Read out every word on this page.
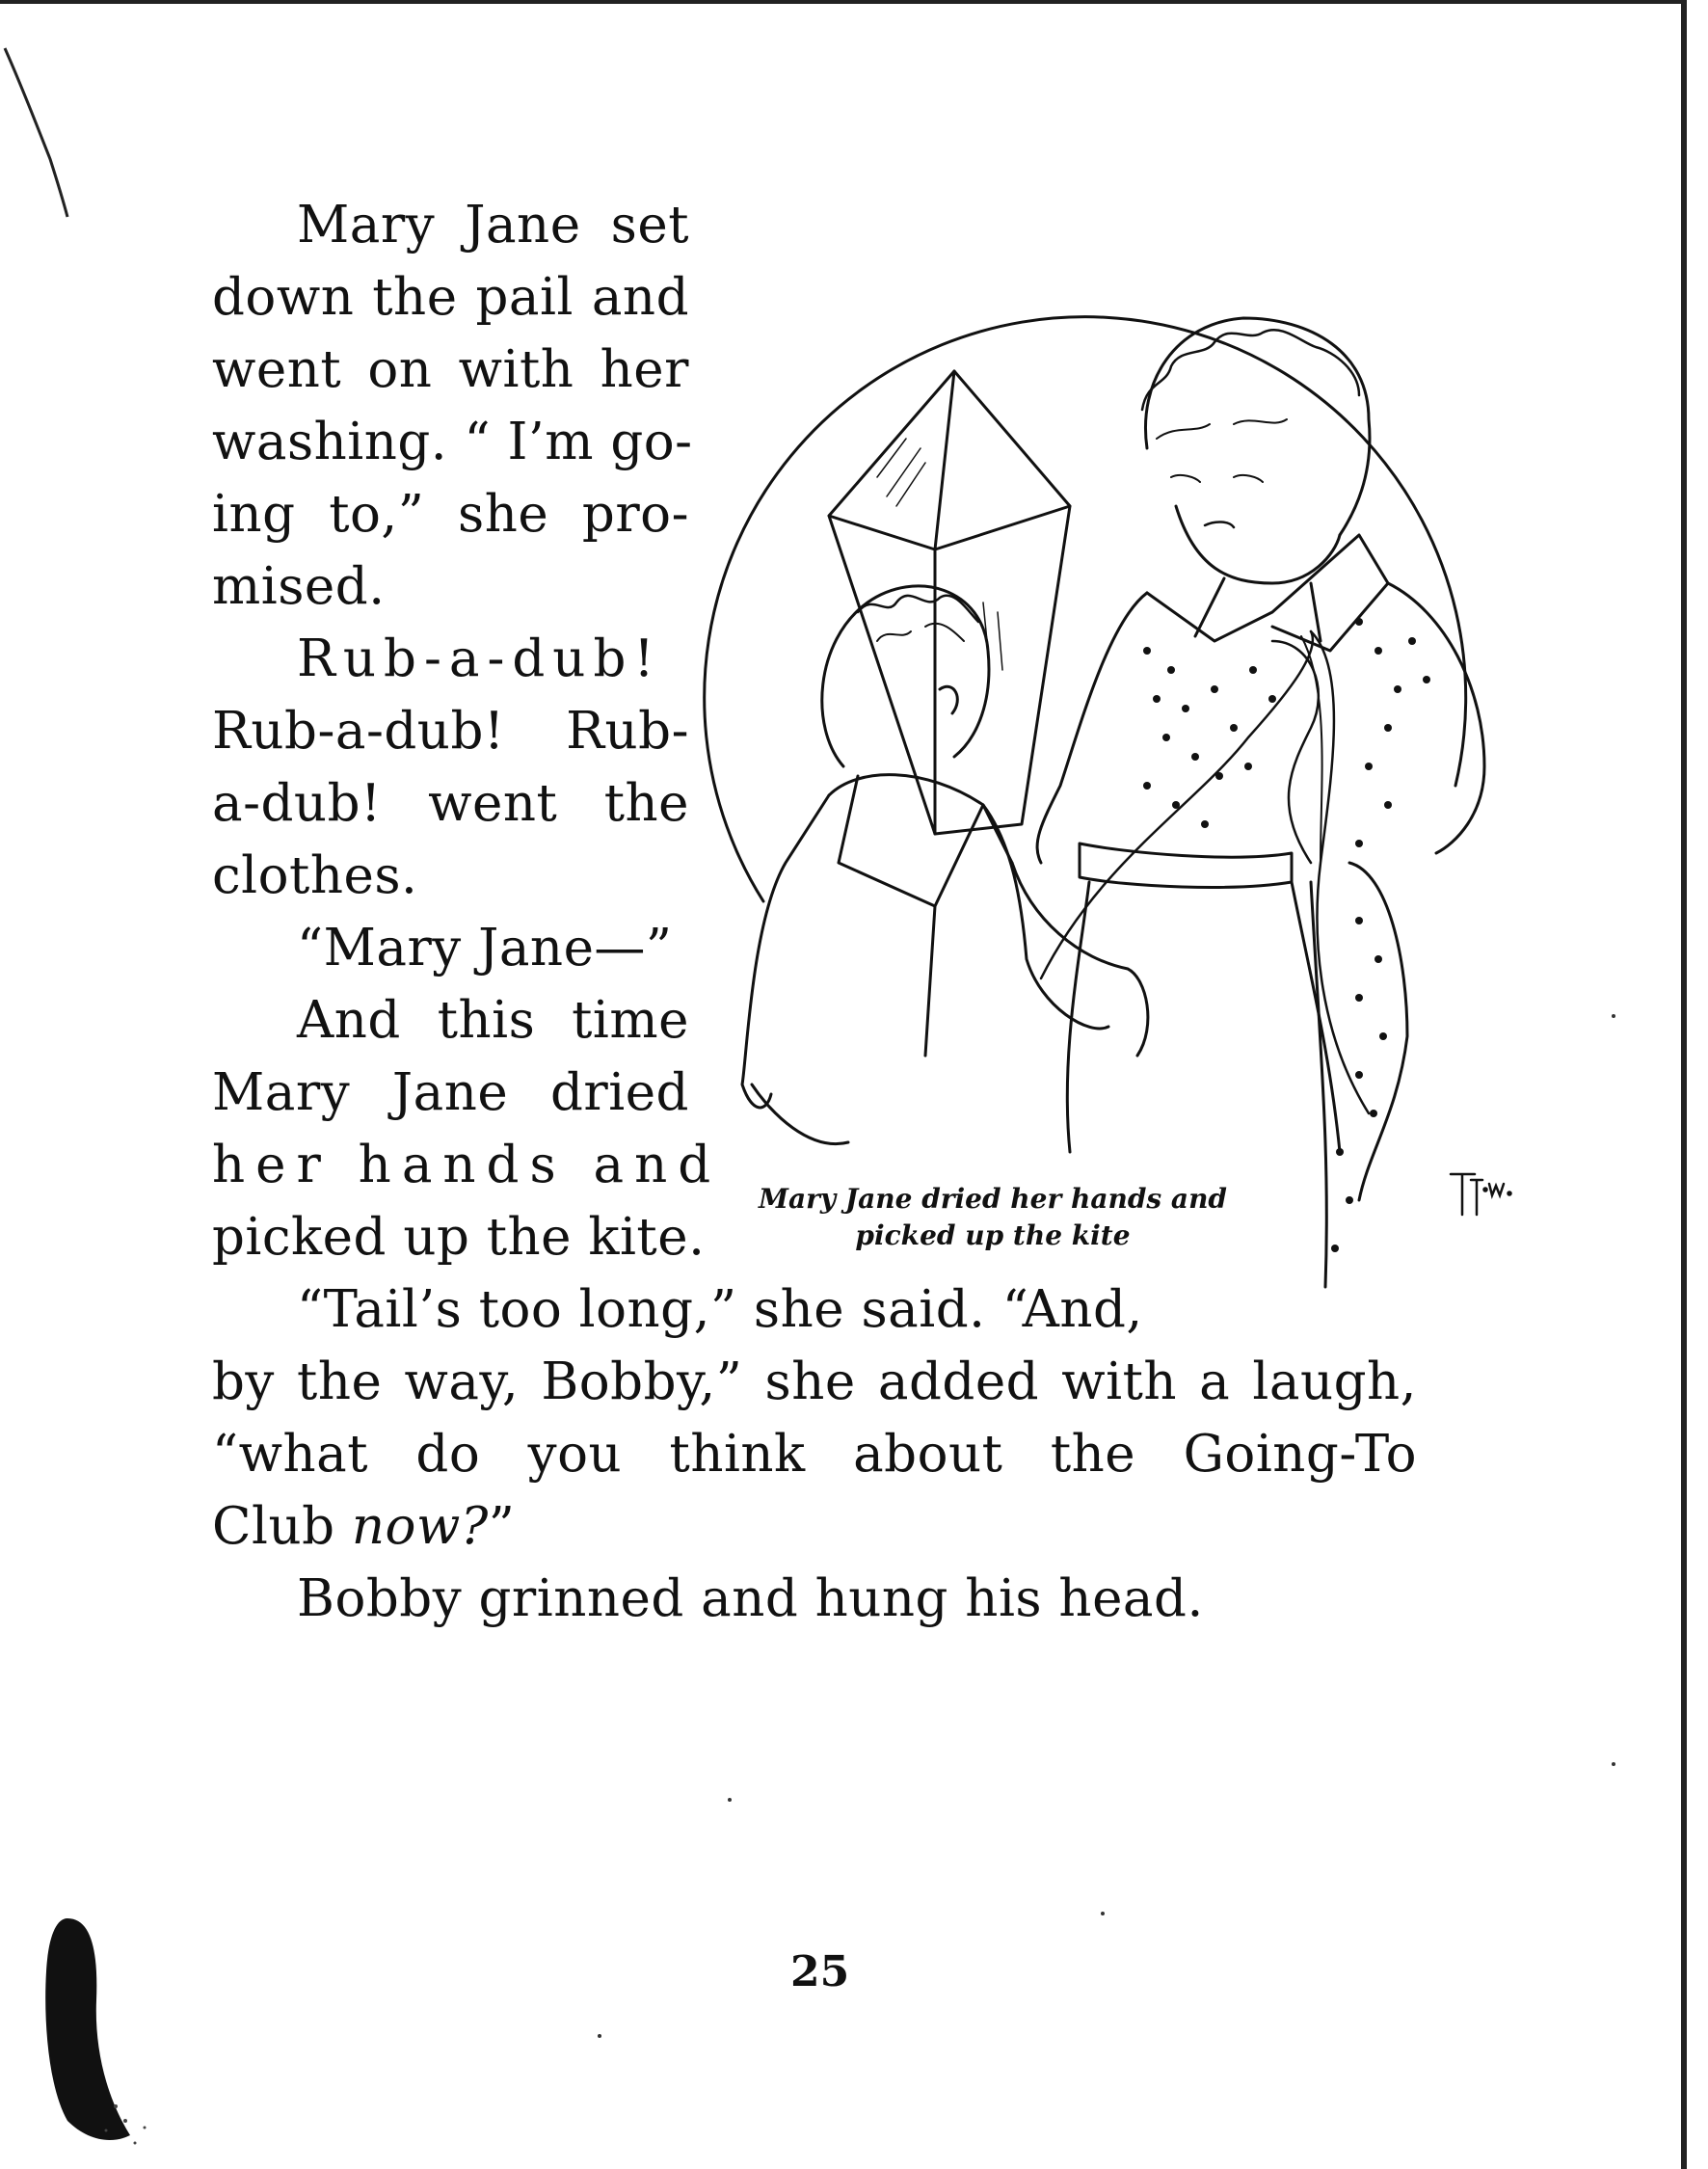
Mary Jane set
down the pail and
went on with her
washing. “ I’m go-
ing to,” she pro-
mised.
Rub-a-dub!
Rub-a-dub! Rub-
a-dub! went the
clothes.
“Mary Jane—”
And this time
Mary Jane dried
her hands and
picked up the kite.
“Tail’s too long,” she said. “And,
by the way, Bobby,” she added with a laugh,
“what do you think about the Going-To
Club now?”
Bobby grinned and hung his head.
Mary Jane dried her hands and
picked up the kite
25
